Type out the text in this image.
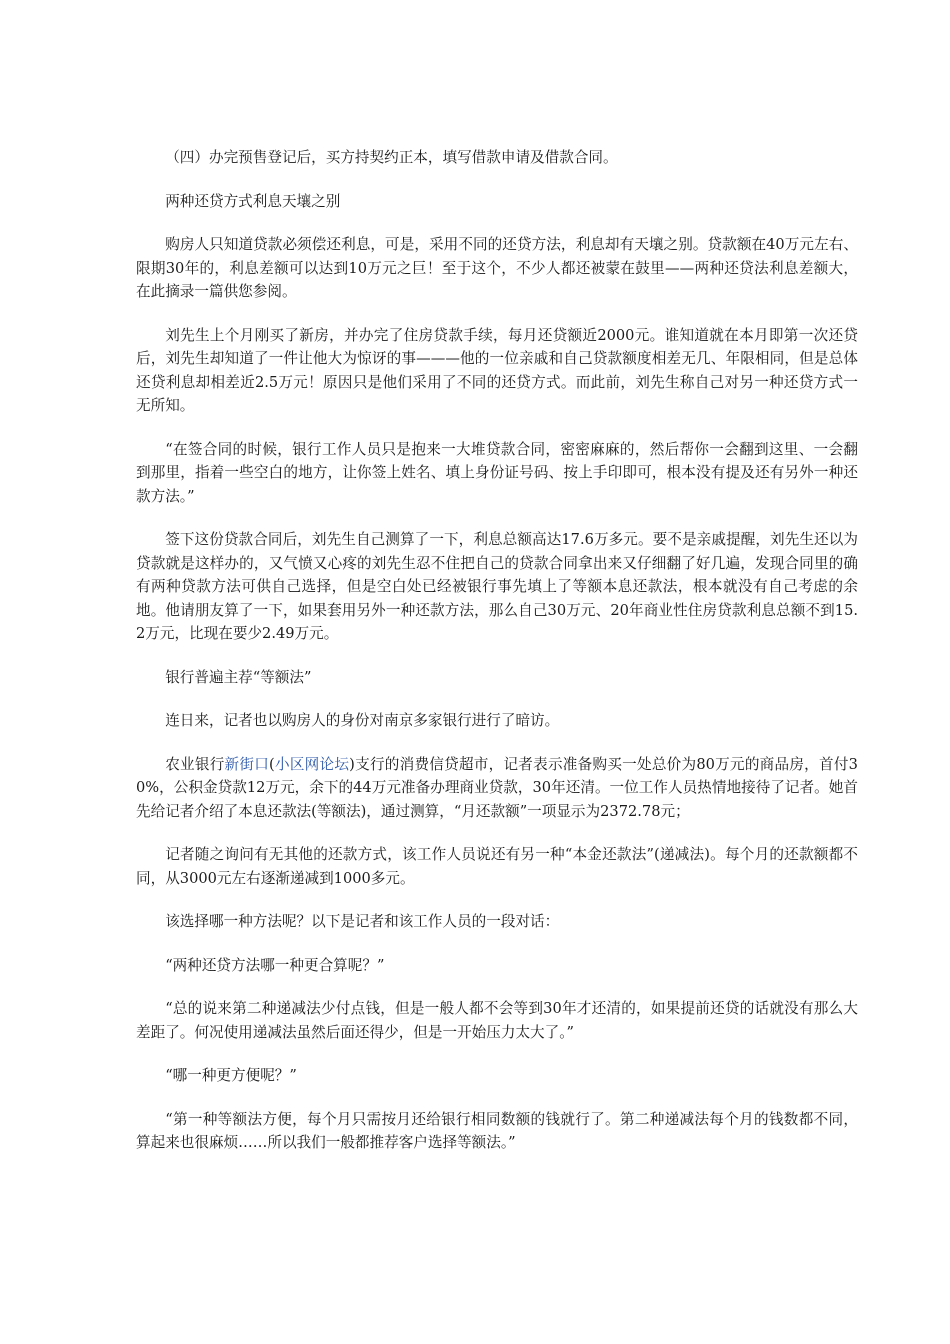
（四）办完预售登记后，买方持契约正本，填写借款申请及借款合同。

两种还贷方式利息天壤之别

购房人只知道贷款必须偿还利息，可是，采用不同的还贷方法，利息却有天壤之别。贷款额在40万元左右、限期30年的，利息差额可以达到10万元之巨！至于这个，不少人都还被蒙在鼓里——两种还贷法利息差额大，在此摘录一篇供您参阅。

刘先生上个月刚买了新房，并办完了住房贷款手续，每月还贷额近2000元。谁知道就在本月即第一次还贷后，刘先生却知道了一件让他大为惊讶的事———他的一位亲戚和自己贷款额度相差无几、年限相同，但是总体还贷利息却相差近2.5万元！原因只是他们采用了不同的还贷方式。而此前，刘先生称自己对另一种还贷方式一无所知。

“在签合同的时候，银行工作人员只是抱来一大堆贷款合同，密密麻麻的，然后帮你一会翻到这里、一会翻到那里，指着一些空白的地方，让你签上姓名、填上身份证号码、按上手印即可，根本没有提及还有另外一种还款方法。”

签下这份贷款合同后，刘先生自己测算了一下，利息总额高达17.6万多元。要不是亲戚提醒，刘先生还以为贷款就是这样办的，又气愤又心疼的刘先生忍不住把自己的贷款合同拿出来又仔细翻了好几遍，发现合同里的确有两种贷款方法可供自己选择，但是空白处已经被银行事先填上了等额本息还款法，根本就没有自己考虑的余地。他请朋友算了一下，如果套用另外一种还款方法，那么自己30万元、20年商业性住房贷款利息总额不到15.2万元，比现在要少2.49万元。

银行普遍主荐“等额法”

连日来，记者也以购房人的身份对南京多家银行进行了暗访。

农业银行新街口(小区网论坛)支行的消费信贷超市，记者表示准备购买一处总价为80万元的商品房，首付30%，公积金贷款12万元，余下的44万元准备办理商业贷款，30年还清。一位工作人员热情地接待了记者。她首先给记者介绍了本息还款法(等额法)，通过测算，“月还款额”一项显示为2372.78元；

记者随之询问有无其他的还款方式，该工作人员说还有另一种“本金还款法”(递减法)。每个月的还款额都不同，从3000元左右逐渐递减到1000多元。

该选择哪一种方法呢？以下是记者和该工作人员的一段对话：

“两种还贷方法哪一种更合算呢？”

“总的说来第二种递减法少付点钱，但是一般人都不会等到30年才还清的，如果提前还贷的话就没有那么大差距了。何况使用递减法虽然后面还得少，但是一开始压力太大了。”

“哪一种更方便呢？”

“第一种等额法方便，每个月只需按月还给银行相同数额的钱就行了。第二种递减法每个月的钱数都不同，算起来也很麻烦……所以我们一般都推荐客户选择等额法。”
